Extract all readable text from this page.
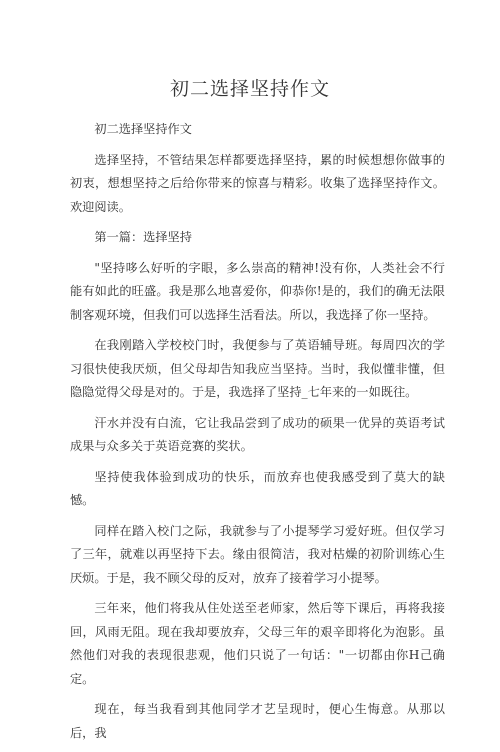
初二选择坚持作文

初二选择坚持作文

选择坚持，不管结果怎样都要选择坚持，累的时候想想你做事的初衷，想想坚持之后给你带来的惊喜与精彩。收集了选择坚持作文。欢迎阅读。

第一篇：选择坚持

"坚持哆么好听的字眼，多么崇高的精神!没有你，人类社会不行能有如此的旺盛。我是那么地喜爱你，仰恭你!是的，我们的确无法限制客观环境，但我们可以选择生活看法。所以，我选择了你一坚持。

在我刚踏入学校校门时，我便参与了英语辅导班。每周四次的学习很快使我厌烦，但父母却告知我应当坚持。当时，我似懂非懂，但隐隐觉得父母是对的。于是，我选择了坚持_七年来的一如既往。

汗水并没有白流，它让我品尝到了成功的硕果一优异的英语考试成果与众多关于英语竞赛的奖状。

坚持使我体验到成功的快乐，而放弃也使我感受到了莫大的缺憾。

同样在踏入校门之际，我就参与了小提琴学习爱好班。但仅学习了三年，就难以再坚持下去。缘由很简洁，我对枯燥的初阶训练心生厌烦。于是，我不顾父母的反对，放弃了接着学习小提琴。

三年来，他们将我从住处送至老师家，然后等下课后，再将我接回，风雨无阻。现在我却要放弃，父母三年的艰辛即将化为泡影。虽然他们对我的表现很悲观，他们只说了一句话："一切都由你H己确定。

现在，每当我看到其他同学才艺呈现时，便心生悔意。从那以后，我
